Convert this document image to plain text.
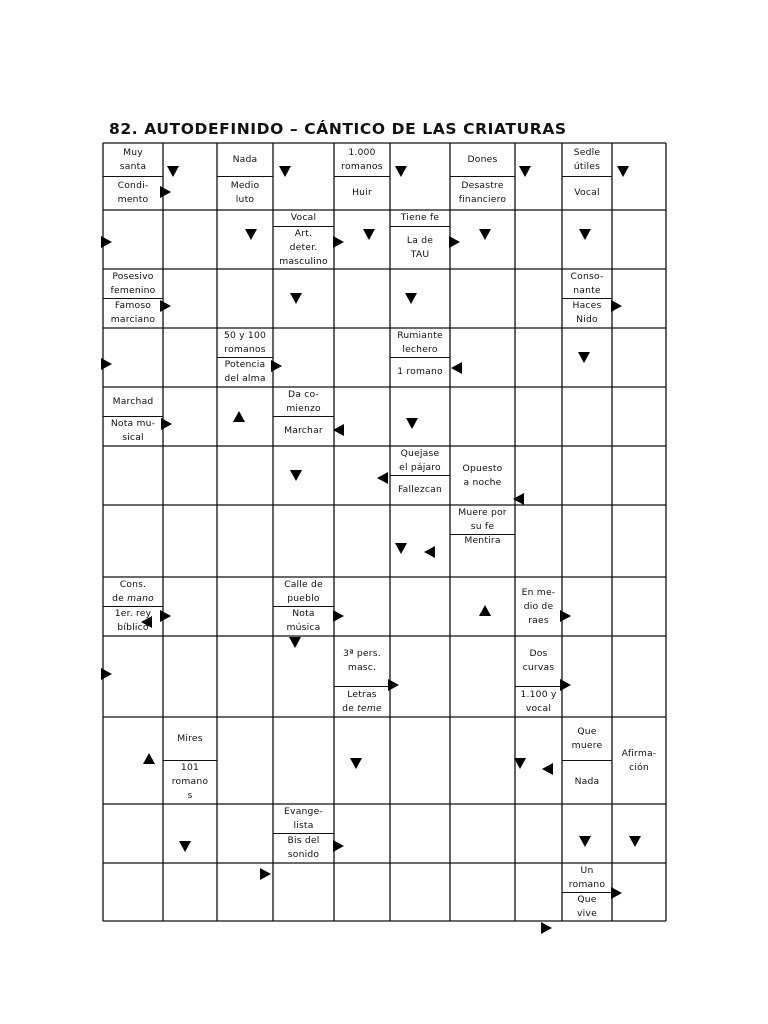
82. AUTODEFINIDO – CÁNTICO DE LAS CRIATURAS
Muy
santa
Condi-
mento
Nada
Medio
luto
1.000
romanos
Huir
Dones
Desastre
financiero
Sedle
útiles
Vocal
Vocal
Art.
deter.
masculino
Tiene fe
La de
TAU
Posesivo
femenino
Famoso
marciano
Conso-
nante
Haces
Nido
50 y 100
romanos
Potencia
del alma
Rumiante
lechero
1 romano
Marchad
Nota mu-
sical
Da co-
mienzo
Marchar
Quejase
el pájaro
Fallezcan
Opuesto
a noche
Muere por
su fe
Mentira
Cons.
de mano
1er. rey
bíblico
Calle de
pueblo
Nota
música
En me-
dio de
raes
3ª pers.
masc.
Letras
de teme
Dos
curvas
1.100 y
vocal
Mires
101
romano
s
Que
muere
Nada
Afirma-
ción
Evange-
lista
Bis del
sonido
Un
romano
Que
vive
